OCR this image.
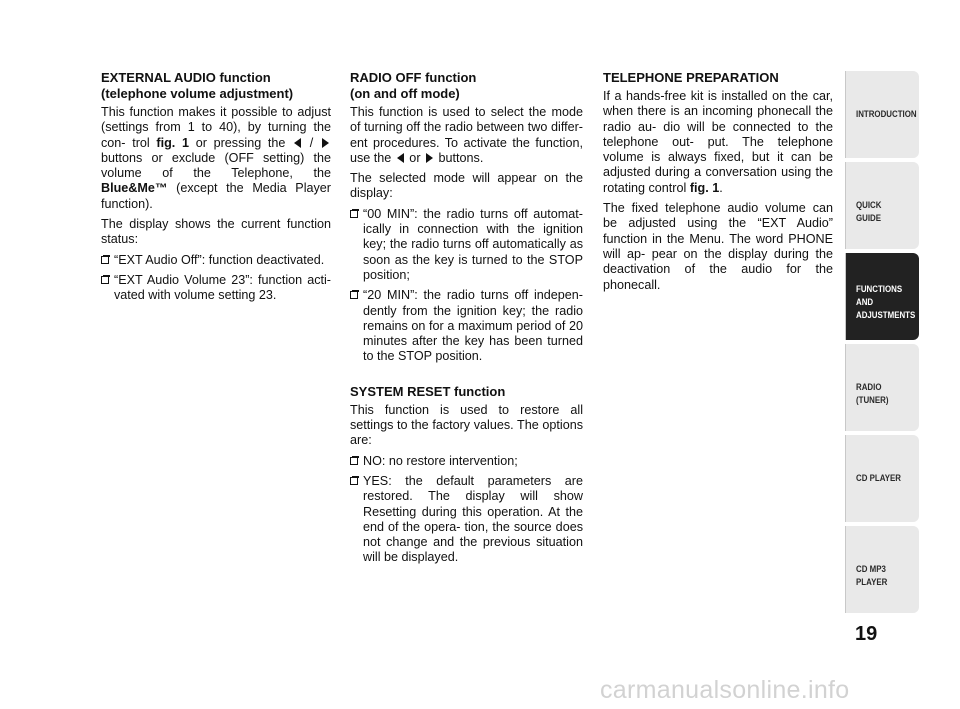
EXTERNAL AUDIO function
(telephone volume adjustment)

This function makes it possible to adjust (settings from 1 to 40), by turning the con- trol fig. 1 or pressing the  /  buttons or exclude (OFF setting) the volume of the Telephone, the Blue&Me™ (except the Media Player function).

The display shows the current function status:

“EXT Audio Off”: function deactivated.
“EXT Audio Volume 23”: function acti- vated with volume setting 23.
RADIO OFF function
(on and off mode)

This function is used to select the mode of turning off the radio between two differ- ent procedures. To activate the function, use the  or  buttons.

The selected mode will appear on the display:

“00 MIN”: the radio turns off automat- ically in connection with the ignition key; the radio turns off automatically as soon as the key is turned to the STOP position;
“20 MIN”: the radio turns off indepen- dently from the ignition key; the radio remains on for a maximum period of 20 minutes after the key has been turned to the STOP position.
SYSTEM RESET function

This function is used to restore all settings to the factory values. The options are:

NO: no restore intervention;
YES: the default parameters are restored. The display will show Resetting during this operation. At the end of the opera- tion, the source does not change and the previous situation will be displayed.
TELEPHONE PREPARATION

If a hands-free kit is installed on the car, when there is an incoming phonecall the radio au- dio will be connected to the telephone out- put. The telephone volume is always fixed, but it can be adjusted during a conversation using the rotating control fig. 1.

The fixed telephone audio volume can be adjusted using the “EXT Audio” function in the Menu. The word PHONE will ap- pear on the display during the deactivation of the audio for the phonecall.

INTRODUCTION
QUICK
GUIDE
FUNCTIONS
AND
ADJUSTMENTS
RADIO
(TUNER)
CD PLAYER
CD MP3
PLAYER
19
carmanualsonline.info
